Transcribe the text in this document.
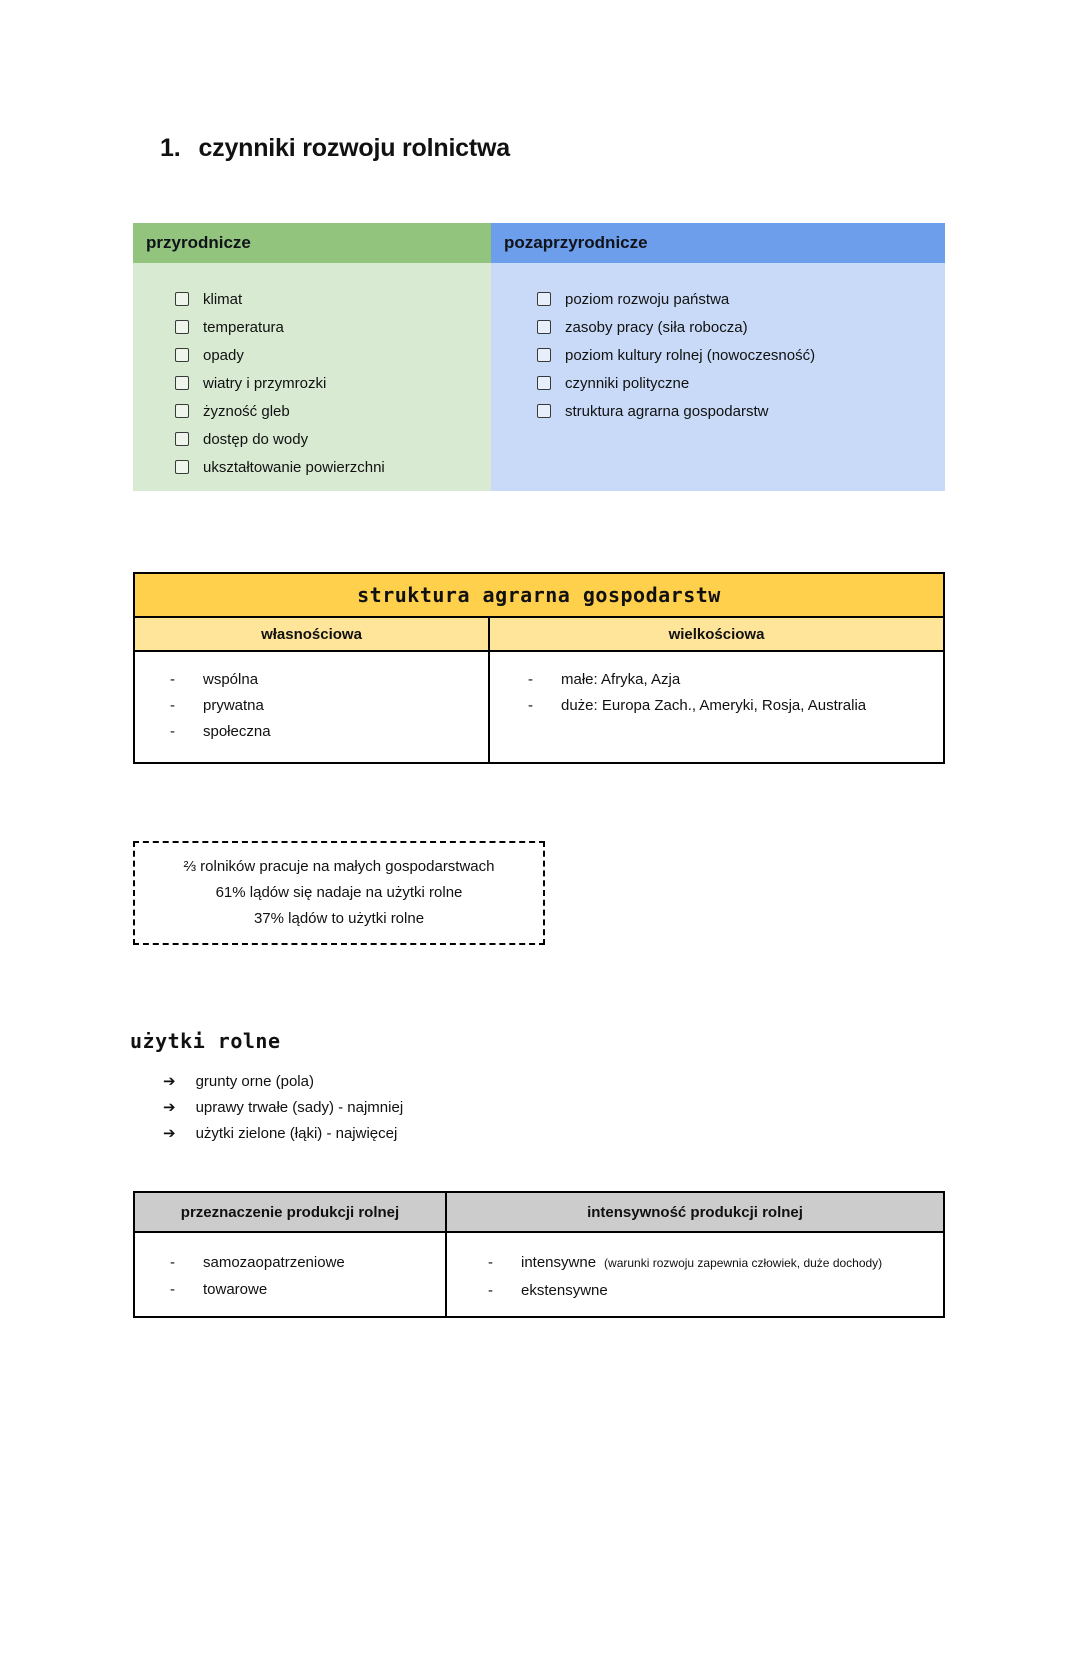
1. czynniki rozwoju rolnictwa
przyrodnicze
klimat
temperatura
opady
wiatry i przymrozki
żyzność gleb
dostęp do wody
ukształtowanie powierzchni
pozaprzyrodnicze
poziom rozwoju państwa
zasoby pracy (siła robocza)
poziom kultury rolnej (nowoczesność)
czynniki polityczne
struktura agrarna gospodarstw
struktura agrarna gospodarstw
własnościowa	wielkościowa
- wspólna
- prywatna
- społeczna
- małe: Afryka, Azja
- duże: Europa Zach., Ameryki, Rosja, Australia
⅔ rolników pracuje na małych gospodarstwach
61% lądów się nadaje na użytki rolne
37% lądów to użytki rolne
użytki rolne
➔ grunty orne (pola)
➔ uprawy trwałe (sady) - najmniej
➔ użytki zielone (łąki) - najwięcej
przeznaczenie produkcji rolnej	intensywność produkcji rolnej
- samozaopatrzeniowe
- towarowe
- intensywne (warunki rozwoju zapewnia człowiek, duże dochody)
- ekstensywne
